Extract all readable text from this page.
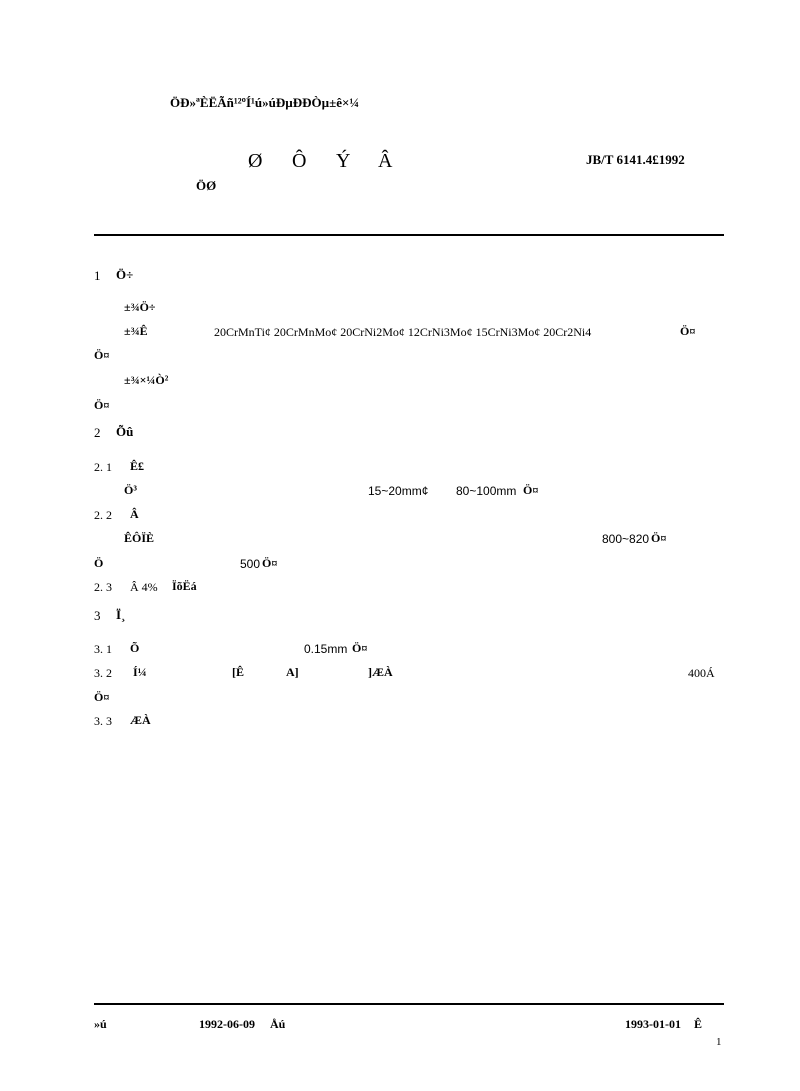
ÖÐ»ªÈËÃñ¹²ºÍ¹ú»úÐµÐÐÒµ±ê×¼
Ø Ô Ý Â	JB/T 6141.4£1992
ÖØ
1 Ö÷
±¾Ö÷
±¾Ê	20CrMnTi¢ 20CrMnMo¢ 20CrNi2Mo¢ 12CrNi3Mo¢ 15CrNi3Mo¢ 20Cr2Ni4	Ö¤
Ö¤
±¾×¼Ò²
Ö¤
2 Õû
2. 1 Ê£
Ö³	15~20mm¢ 80~100mm Ö¤
2. 2 Â
ÊÔÏÈ	800~820 Ö¤
Ö	500 Ö¤
2. 3 Â 4% ÏõËá
3 Ï¸
3. 1 Õ	0.15mm Ö¤
3. 2 Í¼	[Ê	A]	]ÆÀ	400Á
Ö¤
3. 3 ÆÀ
»ú	1992-06-09 Åú	1993-01-01 Ê
1
